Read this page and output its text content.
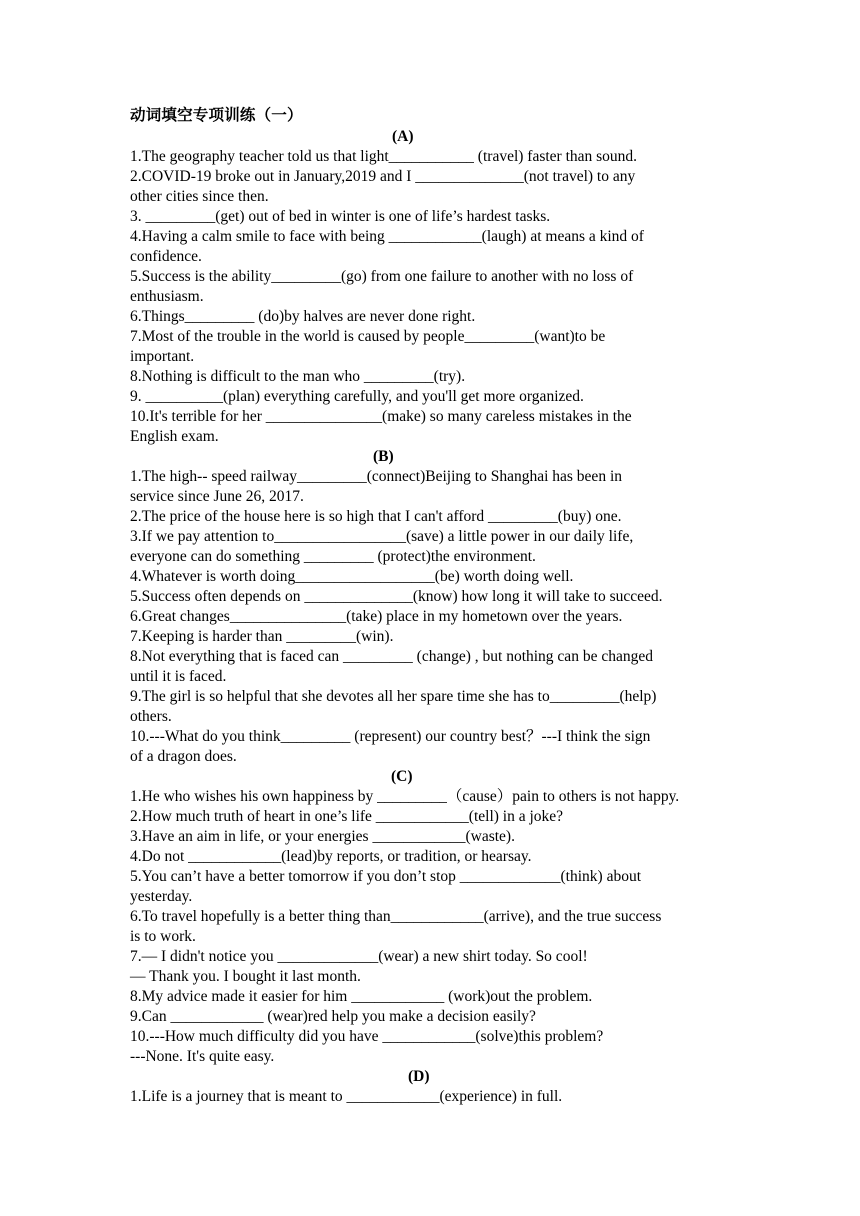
动词填空专项训练（一）
(A)
1.The geography teacher told us that light___________ (travel) faster than sound.
2.COVID-19 broke out in January,2019 and I ______________(not travel) to any
other cities since then.
3. _________(get) out of bed in winter is one of life’s hardest tasks.
4.Having a calm smile to face with being ____________(laugh) at means a kind of
confidence.
5.Success is the ability_________(go) from one failure to another with no loss of
enthusiasm.
6.Things_________ (do)by halves are never done right.
7.Most of the trouble in the world is caused by people_________(want)to be
important.
8.Nothing is difficult to the man who _________(try).
9. __________(plan) everything carefully, and you'll get more organized.
10.It's terrible for her _______________(make) so many careless mistakes in the
English exam.
(B)
1.The high-- speed railway_________(connect)Beijing to Shanghai has been in
service since June 26, 2017.
2.The price of the house here is so high that I can't afford _________(buy) one.
3.If we pay attention to_________________(save) a little power in our daily life,
everyone can do something _________ (protect)the environment.
4.Whatever is worth doing__________________(be) worth doing well.
5.Success often depends on ______________(know) how long it will take to succeed.
6.Great changes_______________(take) place in my hometown over the years.
7.Keeping is harder than _________(win).
8.Not everything that is faced can _________ (change) , but nothing can be changed
until it is faced.
9.The girl is so helpful that she devotes all her spare time she has to_________(help)
others.
10.---What do you think_________ (represent) our country best？---I think the sign
of a dragon does.
(C)
1.He who wishes his own happiness by _________（cause）pain to others is not happy.
2.How much truth of heart in one’s life ____________(tell) in a joke?
3.Have an aim in life, or your energies ____________(waste).
4.Do not ____________(lead)by reports, or tradition, or hearsay.
5.You can’t have a better tomorrow if you don’t stop _____________(think) about
yesterday.
6.To travel hopefully is a better thing than____________(arrive), and the true success
is to work.
7.— I didn't notice you _____________(wear) a new shirt today. So cool!
— Thank you. I bought it last month.
8.My advice made it easier for him ____________ (work)out the problem.
9.Can ____________ (wear)red help you make a decision easily?
10.---How much difficulty did you have ____________(solve)this problem?
---None. It's quite easy.
(D)
1.Life is a journey that is meant to ____________(experience) in full.
